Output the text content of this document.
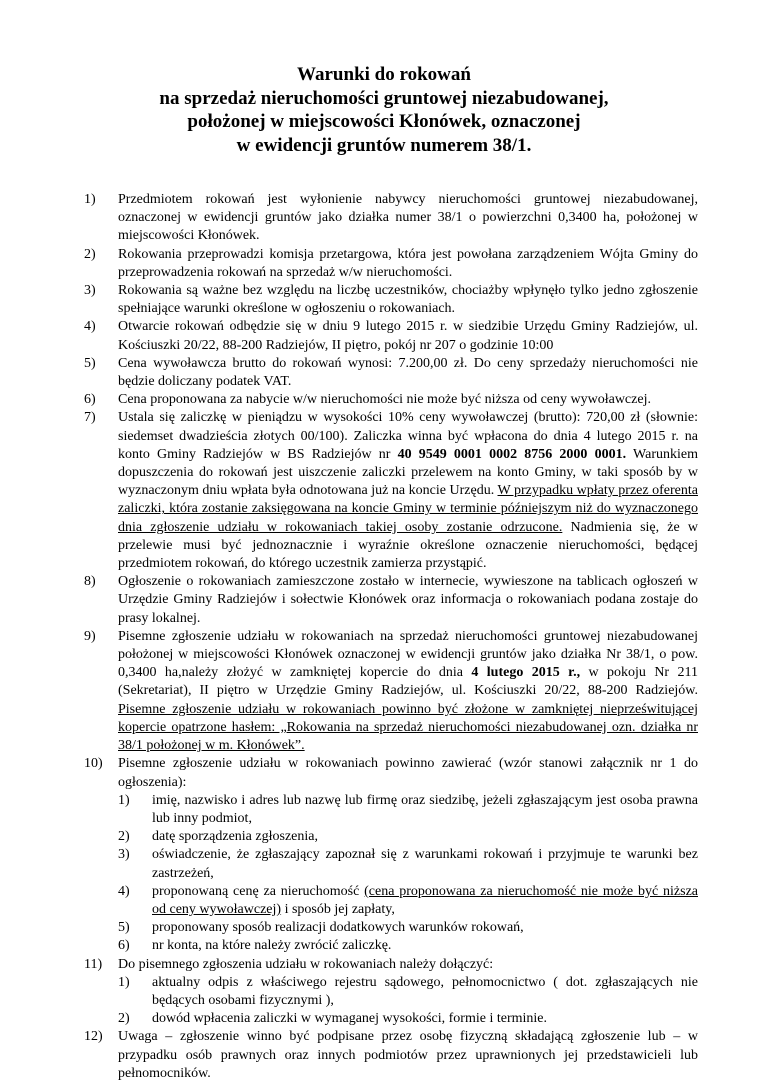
Warunki do rokowań
na sprzedaż nieruchomości gruntowej niezabudowanej,
położonej w miejscowości Kłonówek, oznaczonej
w ewidencji gruntów numerem 38/1.
1) Przedmiotem rokowań jest wyłonienie nabywcy nieruchomości gruntowej niezabudowanej, oznaczonej w ewidencji gruntów jako działka numer 38/1 o powierzchni 0,3400 ha, położonej w miejscowości Kłonówek.
2) Rokowania przeprowadzi komisja przetargowa, która jest powołana zarządzeniem Wójta Gminy do przeprowadzenia rokowań na sprzedaż w/w nieruchomości.
3) Rokowania są ważne bez względu na liczbę uczestników, chociażby wpłynęło tylko jedno zgłoszenie spełniające warunki określone w ogłoszeniu o rokowaniach.
4) Otwarcie rokowań odbędzie się w dniu 9 lutego 2015 r. w siedzibie Urzędu Gminy Radziejów, ul. Kościuszki 20/22, 88-200 Radziejów, II piętro, pokój nr 207 o godzinie 10:00
5) Cena wywoławcza brutto do rokowań wynosi: 7.200,00 zł. Do ceny sprzedaży nieruchomości nie będzie doliczany podatek VAT.
6) Cena proponowana za nabycie w/w nieruchomości nie może być niższa od ceny wywoławczej.
7) Ustala się zaliczkę w pieniądzu w wysokości 10% ceny wywoławczej (brutto): 720,00 zł (słownie: siedemset dwadzieścia złotych 00/100). Zaliczka winna być wpłacona do dnia 4 lutego 2015 r. na konto Gminy Radziejów w BS Radziejów nr 40 9549 0001 0002 8756 2000 0001. Warunkiem dopuszczenia do rokowań jest uiszczenie zaliczki przelewem na konto Gminy, w taki sposób by w wyznaczonym dniu wpłata była odnotowana już na koncie Urzędu. W przypadku wpłaty przez oferenta zaliczki, która zostanie zaksięgowana na koncie Gminy w terminie późniejszym niż do wyznaczonego dnia zgłoszenie udziału w rokowaniach takiej osoby zostanie odrzucone. Nadmienia się, że w przelewie musi być jednoznacznie i wyraźnie określone oznaczenie nieruchomości, będącej przedmiotem rokowań, do którego uczestnik zamierza przystąpić.
8) Ogłoszenie o rokowaniach zamieszczone zostało w internecie, wywieszone na tablicach ogłoszeń w Urzędzie Gminy Radziejów i sołectwie Kłonówek oraz informacja o rokowaniach podana zostaje do prasy lokalnej.
9) Pisemne zgłoszenie udziału w rokowaniach na sprzedaż nieruchomości gruntowej niezabudowanej położonej w miejscowości Kłonówek oznaczonej w ewidencji gruntów jako działka Nr 38/1, o pow. 0,3400 ha,należy złożyć w zamkniętej kopercie do dnia 4 lutego 2015 r., w pokoju Nr 211 (Sekretariat), II piętro w Urzędzie Gminy Radziejów, ul. Kościuszki 20/22, 88-200 Radziejów. Pisemne zgłoszenie udziału w rokowaniach powinno być złożone w zamkniętej nieprześwitującej kopercie opatrzone hasłem: „Rokowania na sprzedaż nieruchomości niezabudowanej ozn. działka nr 38/1 położonej w m. Kłonówek”.
10) Pisemne zgłoszenie udziału w rokowaniach powinno zawierać (wzór stanowi załącznik nr 1 do ogłoszenia):
1) imię, nazwisko i adres lub nazwę lub firmę oraz siedzibę, jeżeli zgłaszającym jest osoba prawna lub inny podmiot,
2) datę sporządzenia zgłoszenia,
3) oświadczenie, że zgłaszający zapoznał się z warunkami rokowań i przyjmuje te warunki bez zastrzeżeń,
4) proponowaną cenę za nieruchomość (cena proponowana za nieruchomość nie może być niższa od ceny wywoławczej) i sposób jej zapłaty,
5) proponowany sposób realizacji dodatkowych warunków rokowań,
6) nr konta, na które należy zwrócić zaliczkę.
11) Do pisemnego zgłoszenia udziału w rokowaniach należy dołączyć:
1) aktualny odpis z właściwego rejestru sądowego, pełnomocnictwo ( dot. zgłaszających nie będących osobami fizycznymi ),
2) dowód wpłacenia zaliczki w wymaganej wysokości, formie i terminie.
12) Uwaga – zgłoszenie winno być podpisane przez osobę fizyczną składającą zgłoszenie lub – w przypadku osób prawnych oraz innych podmiotów przez uprawnionych jej przedstawicieli lub pełnomocników.
